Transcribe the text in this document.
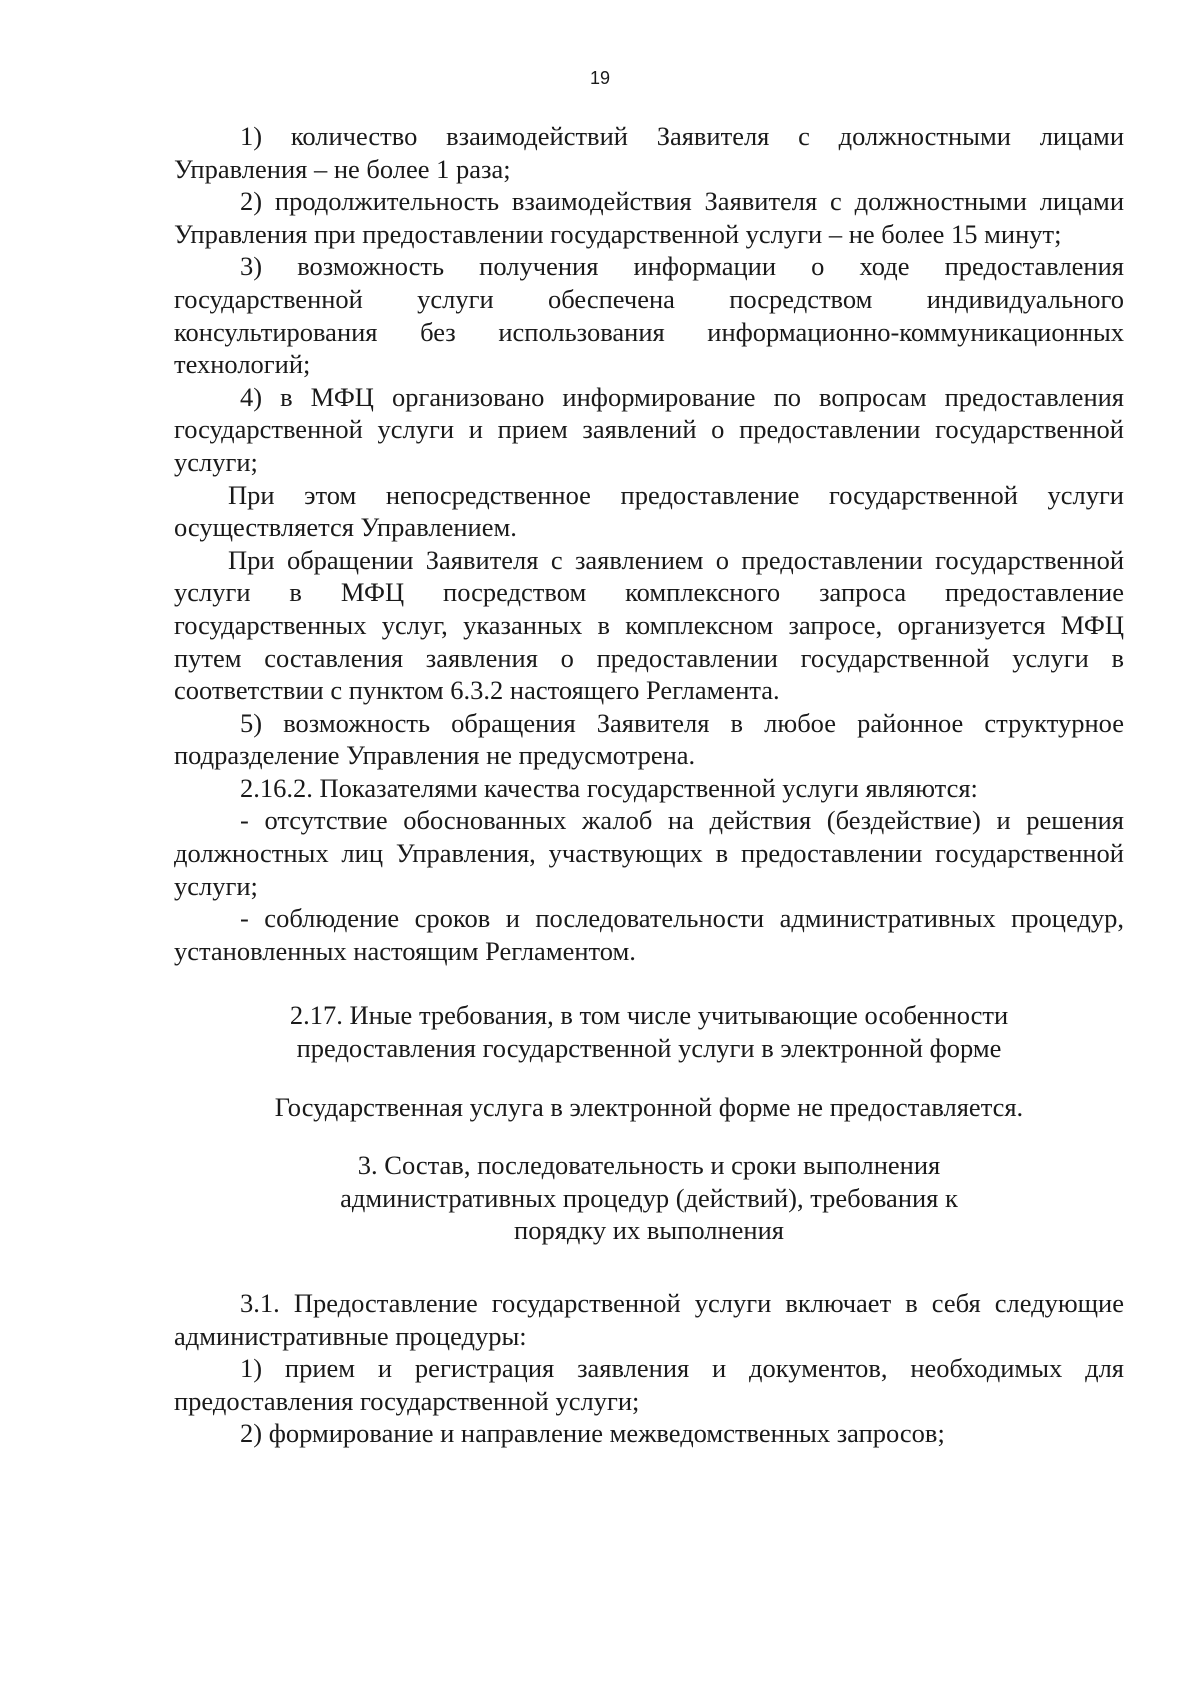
19

1) количество взаимодействий Заявителя с должностными лицами Управления – не более 1 раза;

2) продолжительность взаимодействия Заявителя с должностными лицами Управления при предоставлении государственной услуги – не более 15 минут;

3) возможность получения информации о ходе предоставления государственной услуги обеспечена посредством индивидуального консультирования без использования информационно-коммуникационных технологий;

4) в МФЦ организовано информирование по вопросам предоставления государственной услуги и прием заявлений о предоставлении государственной услуги;

При этом непосредственное предоставление государственной услуги осуществляется Управлением.

При обращении Заявителя с заявлением о предоставлении государственной услуги в МФЦ посредством комплексного запроса предоставление государственных услуг, указанных в комплексном запросе, организуется МФЦ путем составления заявления о предоставлении государственной услуги в соответствии с пунктом 6.3.2 настоящего Регламента.

5) возможность обращения Заявителя в любое районное структурное подразделение Управления не предусмотрена.

2.16.2. Показателями качества государственной услуги являются:

- отсутствие обоснованных жалоб на действия (бездействие) и решения должностных лиц Управления, участвующих в предоставлении государственной услуги;

- соблюдение сроков и последовательности административных процедур, установленных настоящим Регламентом.

2.17. Иные требования, в том числе учитывающие особенности
предоставления государственной услуги в электронной форме

Государственная услуга в электронной форме не предоставляется.

3. Состав, последовательность и сроки выполнения
административных процедур (действий), требования к
порядку их выполнения

3.1. Предоставление государственной услуги включает в себя следующие административные процедуры:

1) прием и регистрация заявления и документов, необходимых для предоставления государственной услуги;

2) формирование и направление межведомственных запросов;
